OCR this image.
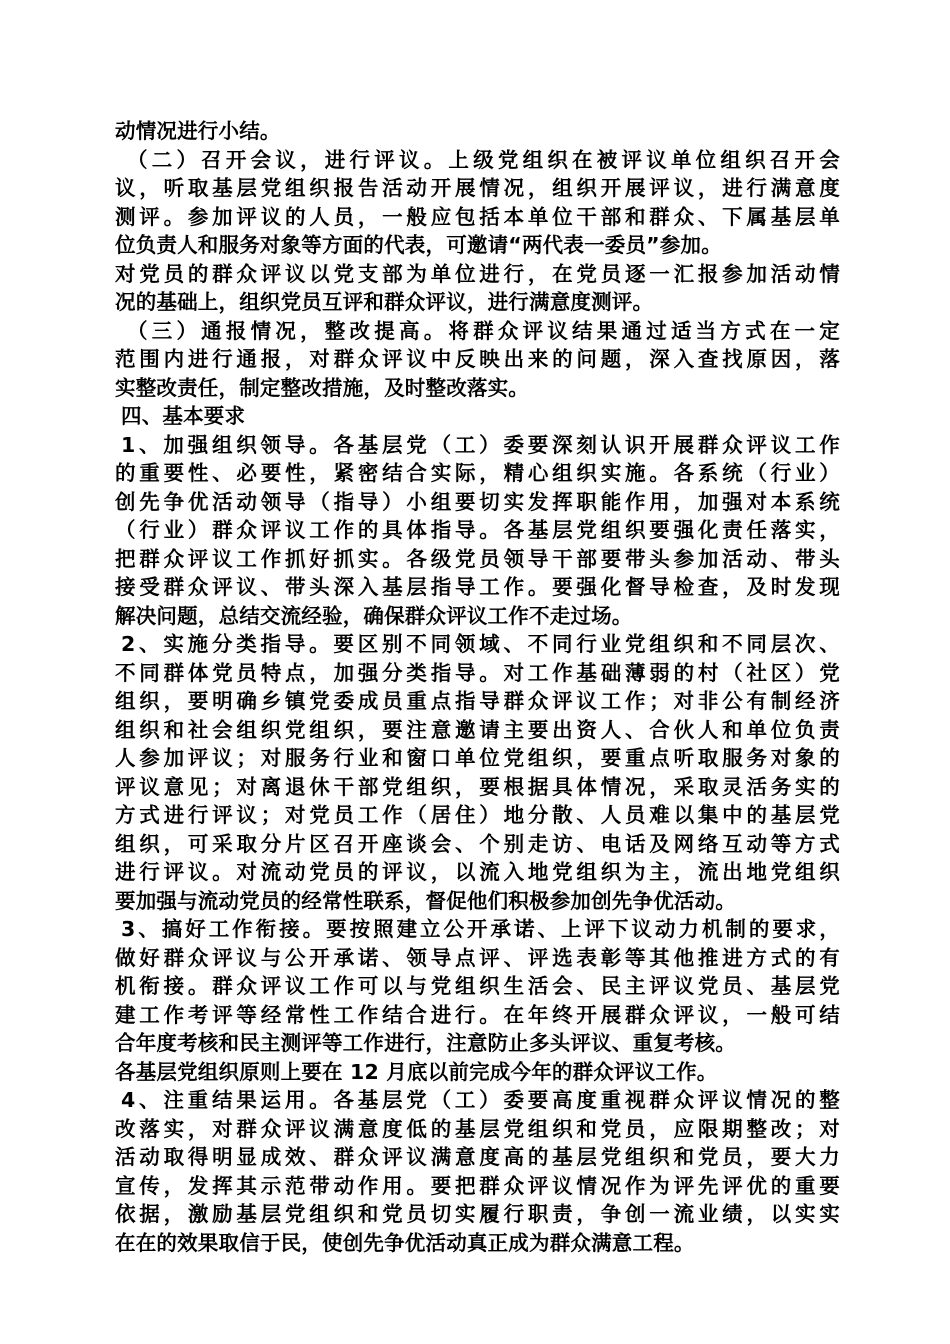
动情况进行小结。
（二）召开会议，进行评议。上级党组织在被评议单位组织召开会
议，听取基层党组织报告活动开展情况，组织开展评议，进行满意度
测评。参加评议的人员，一般应包括本单位干部和群众、下属基层单
位负责人和服务对象等方面的代表，可邀请“两代表一委员”参加。
对党员的群众评议以党支部为单位进行，在党员逐一汇报参加活动情
况的基础上，组织党员互评和群众评议，进行满意度测评。
（三）通报情况，整改提高。将群众评议结果通过适当方式在一定
范围内进行通报，对群众评议中反映出来的问题，深入查找原因，落
实整改责任，制定整改措施，及时整改落实。
四、基本要求
1、加强组织领导。各基层党（工）委要深刻认识开展群众评议工作
的重要性、必要性，紧密结合实际，精心组织实施。各系统（行业）
创先争优活动领导（指导）小组要切实发挥职能作用，加强对本系统
（行业）群众评议工作的具体指导。各基层党组织要强化责任落实，
把群众评议工作抓好抓实。各级党员领导干部要带头参加活动、带头
接受群众评议、带头深入基层指导工作。要强化督导检查，及时发现
解决问题，总结交流经验，确保群众评议工作不走过场。
2、实施分类指导。要区别不同领域、不同行业党组织和不同层次、
不同群体党员特点，加强分类指导。对工作基础薄弱的村（社区）党
组织，要明确乡镇党委成员重点指导群众评议工作；对非公有制经济
组织和社会组织党组织，要注意邀请主要出资人、合伙人和单位负责
人参加评议；对服务行业和窗口单位党组织，要重点听取服务对象的
评议意见；对离退休干部党组织，要根据具体情况，采取灵活务实的
方式进行评议；对党员工作（居住）地分散、人员难以集中的基层党
组织，可采取分片区召开座谈会、个别走访、电话及网络互动等方式
进行评议。对流动党员的评议，以流入地党组织为主，流出地党组织
要加强与流动党员的经常性联系，督促他们积极参加创先争优活动。
3、搞好工作衔接。要按照建立公开承诺、上评下议动力机制的要求，
做好群众评议与公开承诺、领导点评、评选表彰等其他推进方式的有
机衔接。群众评议工作可以与党组织生活会、民主评议党员、基层党
建工作考评等经常性工作结合进行。在年终开展群众评议，一般可结
合年度考核和民主测评等工作进行，注意防止多头评议、重复考核。
各基层党组织原则上要在 12 月底以前完成今年的群众评议工作。
4、注重结果运用。各基层党（工）委要高度重视群众评议情况的整
改落实，对群众评议满意度低的基层党组织和党员，应限期整改；对
活动取得明显成效、群众评议满意度高的基层党组织和党员，要大力
宣传，发挥其示范带动作用。要把群众评议情况作为评先评优的重要
依据，激励基层党组织和党员切实履行职责，争创一流业绩，以实实
在在的效果取信于民，使创先争优活动真正成为群众满意工程。
